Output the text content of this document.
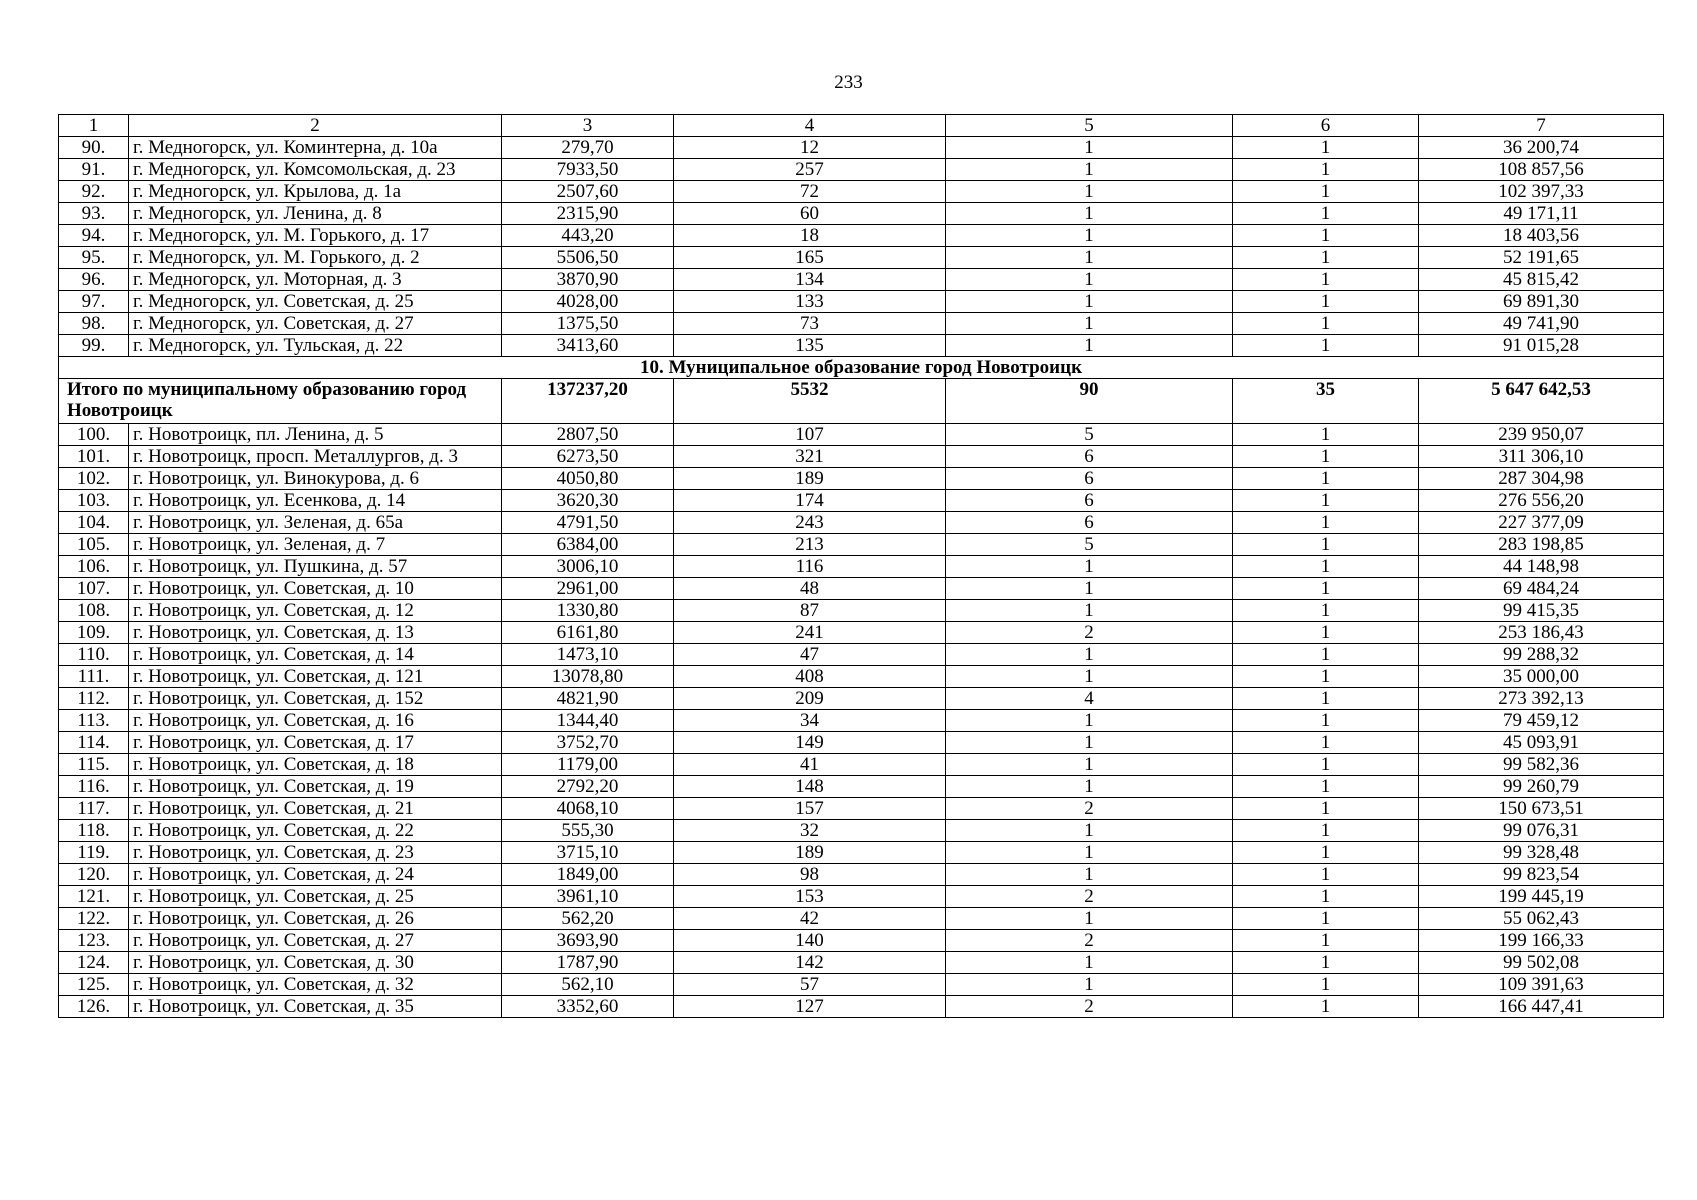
233
1	2	3	4	5	6	7
90.	г. Медногорск, ул. Коминтерна, д. 10а	279,70	12	1	1	36 200,74
91.	г. Медногорск, ул. Комсомольская, д. 23	7933,50	257	1	1	108 857,56
92.	г. Медногорск, ул. Крылова, д. 1а	2507,60	72	1	1	102 397,33
93.	г. Медногорск, ул. Ленина, д. 8	2315,90	60	1	1	49 171,11
94.	г. Медногорск, ул. М. Горького, д. 17	443,20	18	1	1	18 403,56
95.	г. Медногорск, ул. М. Горького, д. 2	5506,50	165	1	1	52 191,65
96.	г. Медногорск, ул. Моторная, д. 3	3870,90	134	1	1	45 815,42
97.	г. Медногорск, ул. Советская, д. 25	4028,00	133	1	1	69 891,30
98.	г. Медногорск, ул. Советская, д. 27	1375,50	73	1	1	49 741,90
99.	г. Медногорск, ул. Тульская, д. 22	3413,60	135	1	1	91 015,28
10. Муниципальное образование город Новотроицк						
Итого по муниципальному образованию город Новотроицк		137237,20	5532	90	35	5 647 642,53
100.	г. Новотроицк, пл. Ленина, д. 5	2807,50	107	5	1	239 950,07
101.	г. Новотроицк, просп. Металлургов, д. 3	6273,50	321	6	1	311 306,10
102.	г. Новотроицк, ул. Винокурова, д. 6	4050,80	189	6	1	287 304,98
103.	г. Новотроицк, ул. Есенкова, д. 14	3620,30	174	6	1	276 556,20
104.	г. Новотроицк, ул. Зеленая, д. 65а	4791,50	243	6	1	227 377,09
105.	г. Новотроицк, ул. Зеленая, д. 7	6384,00	213	5	1	283 198,85
106.	г. Новотроицк, ул. Пушкина, д. 57	3006,10	116	1	1	44 148,98
107.	г. Новотроицк, ул. Советская, д. 10	2961,00	48	1	1	69 484,24
108.	г. Новотроицк, ул. Советская, д. 12	1330,80	87	1	1	99 415,35
109.	г. Новотроицк, ул. Советская, д. 13	6161,80	241	2	1	253 186,43
110.	г. Новотроицк, ул. Советская, д. 14	1473,10	47	1	1	99 288,32
111.	г. Новотроицк, ул. Советская, д. 121	13078,80	408	1	1	35 000,00
112.	г. Новотроицк, ул. Советская, д. 152	4821,90	209	4	1	273 392,13
113.	г. Новотроицк, ул. Советская, д. 16	1344,40	34	1	1	79 459,12
114.	г. Новотроицк, ул. Советская, д. 17	3752,70	149	1	1	45 093,91
115.	г. Новотроицк, ул. Советская, д. 18	1179,00	41	1	1	99 582,36
116.	г. Новотроицк, ул. Советская, д. 19	2792,20	148	1	1	99 260,79
117.	г. Новотроицк, ул. Советская, д. 21	4068,10	157	2	1	150 673,51
118.	г. Новотроицк, ул. Советская, д. 22	555,30	32	1	1	99 076,31
119.	г. Новотроицк, ул. Советская, д. 23	3715,10	189	1	1	99 328,48
120.	г. Новотроицк, ул. Советская, д. 24	1849,00	98	1	1	99 823,54
121.	г. Новотроицк, ул. Советская, д. 25	3961,10	153	2	1	199 445,19
122.	г. Новотроицк, ул. Советская, д. 26	562,20	42	1	1	55 062,43
123.	г. Новотроицк, ул. Советская, д. 27	3693,90	140	2	1	199 166,33
124.	г. Новотроицк, ул. Советская, д. 30	1787,90	142	1	1	99 502,08
125.	г. Новотроицк, ул. Советская, д. 32	562,10	57	1	1	109 391,63
126.	г. Новотроицк, ул. Советская, д. 35	3352,60	127	2	1	166 447,41
